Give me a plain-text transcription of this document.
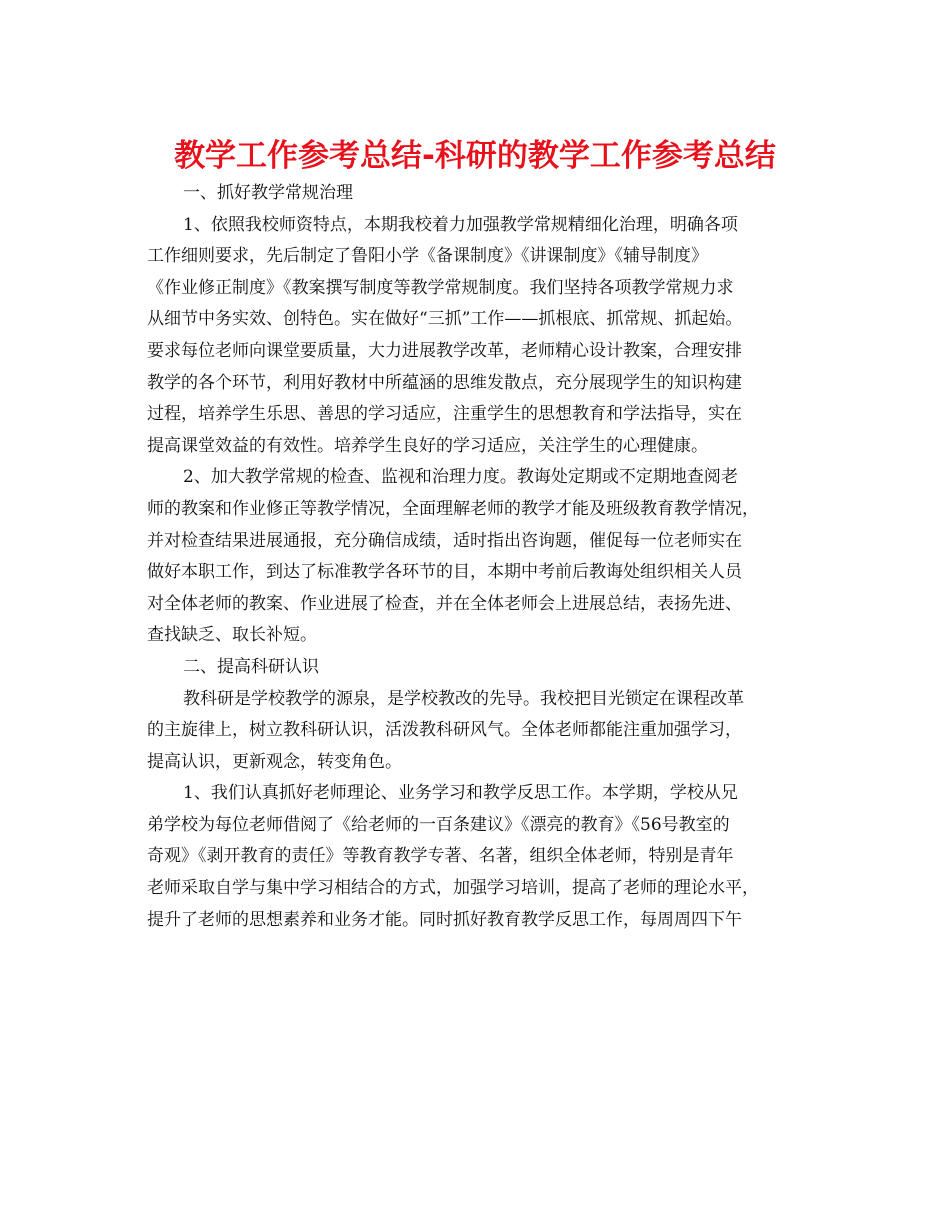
教学工作参考总结-科研的教学工作参考总结
一、抓好教学常规治理
1、依照我校师资特点，本期我校着力加强教学常规精细化治理，明确各项
工作细则要求，先后制定了鲁阳小学《备课制度》《讲课制度》《辅导制度》
《作业修正制度》《教案撰写制度等教学常规制度。我们坚持各项教学常规力求
从细节中务实效、创特色。实在做好“三抓”工作——抓根底、抓常规、抓起始。
要求每位老师向课堂要质量，大力进展教学改革，老师精心设计教案，合理安排
教学的各个环节，利用好教材中所蕴涵的思维发散点，充分展现学生的知识构建
过程，培养学生乐思、善思的学习适应，注重学生的思想教育和学法指导，实在
提高课堂效益的有效性。培养学生良好的学习适应，关注学生的心理健康。
2、加大教学常规的检查、监视和治理力度。教诲处定期或不定期地查阅老
师的教案和作业修正等教学情况，全面理解老师的教学才能及班级教育教学情况，
并对检查结果进展通报，充分确信成绩，适时指出咨询题，催促每一位老师实在
做好本职工作，到达了标准教学各环节的目，本期中考前后教诲处组织相关人员
对全体老师的教案、作业进展了检查，并在全体老师会上进展总结，表扬先进、
查找缺乏、取长补短。
二、提高科研认识
教科研是学校教学的源泉，是学校教改的先导。我校把目光锁定在课程改革
的主旋律上，树立教科研认识，活泼教科研风气。全体老师都能注重加强学习，
提高认识，更新观念，转变角色。
1、我们认真抓好老师理论、业务学习和教学反思工作。本学期，学校从兄
弟学校为每位老师借阅了《给老师的一百条建议》《漂亮的教育》《56号教室的
奇观》《剥开教育的责任》等教育教学专著、名著，组织全体老师，特别是青年
老师采取自学与集中学习相结合的方式，加强学习培训，提高了老师的理论水平，
提升了老师的思想素养和业务才能。同时抓好教育教学反思工作，每周周四下午
